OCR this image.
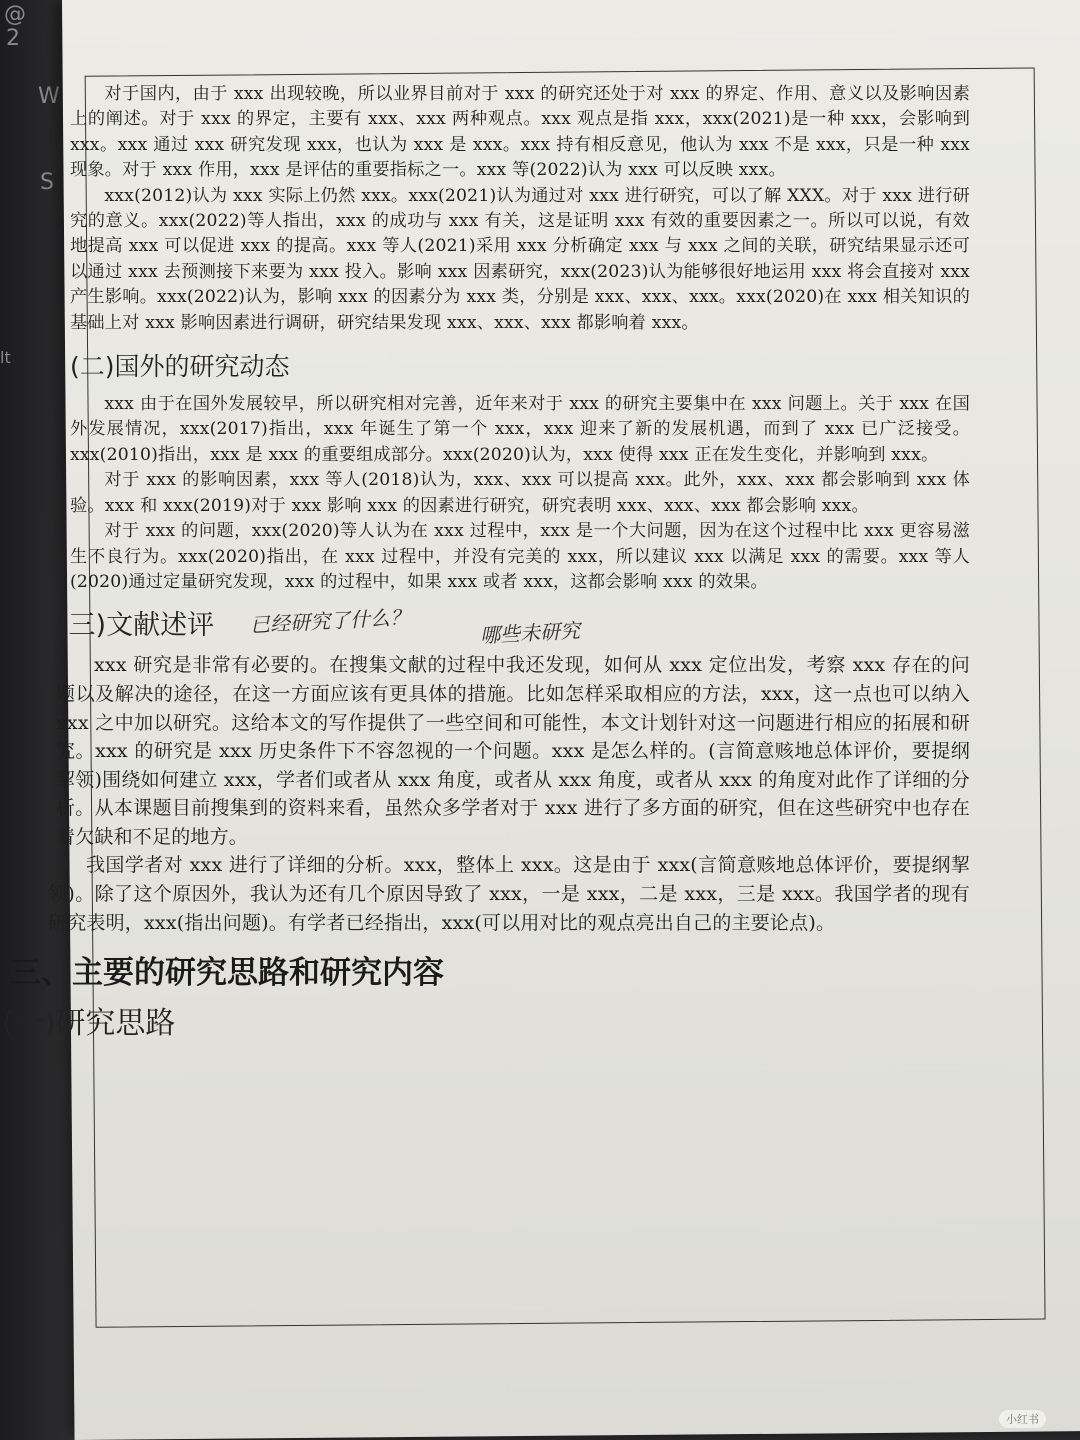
@
2
W
S
lt

对于国内，由于 xxx 出现较晚，所以业界目前对于 xxx 的研究还处于对 xxx 的界定、作用、意义以及影响因素上的阐述。对于 xxx 的界定，主要有 xxx、xxx 两种观点。xxx 观点是指 xxx，xxx(2021)是一种 xxx，会影响到 xxx。xxx 通过 xxx 研究发现 xxx，也认为 xxx 是 xxx。xxx 持有相反意见，他认为 xxx 不是 xxx，只是一种 xxx 现象。对于 xxx 作用，xxx 是评估的重要指标之一。xxx 等(2022)认为 xxx 可以反映 xxx。

xxx(2012)认为 xxx 实际上仍然 xxx。xxx(2021)认为通过对 xxx 进行研究，可以了解 XXX。对于 xxx 进行研究的意义。xxx(2022)等人指出，xxx 的成功与 xxx 有关，这是证明 xxx 有效的重要因素之一。所以可以说，有效地提高 xxx 可以促进 xxx 的提高。xxx 等人(2021)采用 xxx 分析确定 xxx 与 xxx 之间的关联，研究结果显示还可以通过 xxx 去预测接下来要为 xxx 投入。影响 xxx 因素研究，xxx(2023)认为能够很好地运用 xxx 将会直接对 xxx 产生影响。xxx(2022)认为，影响 xxx 的因素分为 xxx 类，分别是 xxx、xxx、xxx。xxx(2020)在 xxx 相关知识的基础上对 xxx 影响因素进行调研，研究结果发现 xxx、xxx、xxx 都影响着 xxx。

(二)国外的研究动态

xxx 由于在国外发展较早，所以研究相对完善，近年来对于 xxx 的研究主要集中在 xxx 问题上。关于 xxx 在国外发展情况，xxx(2017)指出，xxx 年诞生了第一个 xxx，xxx 迎来了新的发展机遇，而到了 xxx 已广泛接受。xxx(2010)指出，xxx 是 xxx 的重要组成部分。xxx(2020)认为，xxx 使得 xxx 正在发生变化，并影响到 xxx。

对于 xxx 的影响因素，xxx 等人(2018)认为，xxx、xxx 可以提高 xxx。此外，xxx、xxx 都会影响到 xxx 体验。xxx 和 xxx(2019)对于 xxx 影响 xxx 的因素进行研究，研究表明 xxx、xxx、xxx 都会影响 xxx。

对于 xxx 的问题，xxx(2020)等人认为在 xxx 过程中，xxx 是一个大问题，因为在这个过程中比 xxx 更容易滋生不良行为。xxx(2020)指出，在 xxx 过程中，并没有完美的 xxx，所以建议 xxx 以满足 xxx 的需要。xxx 等人(2020)通过定量研究发现，xxx 的过程中，如果 xxx 或者 xxx，这都会影响 xxx 的效果。

(三)文献述评	已经研究了什么？	哪些未研究

xxx 研究是非常有必要的。在搜集文献的过程中我还发现，如何从 xxx 定位出发，考察 xxx 存在的问题以及解决的途径，在这一方面应该有更具体的措施。比如怎样采取相应的方法，xxx，这一点也可以纳入 xxx 之中加以研究。这给本文的写作提供了一些空间和可能性，本文计划针对这一问题进行相应的拓展和研究。xxx 的研究是 xxx 历史条件下不容忽视的一个问题。xxx 是怎么样的。(言简意赅地总体评价，要提纲挈领)围绕如何建立 xxx，学者们或者从 xxx 角度，或者从 xxx 角度，或者从 xxx 的角度对此作了详细的分析。从本课题目前搜集到的资料来看，虽然众多学者对于 xxx 进行了多方面的研究，但在这些研究中也存在着欠缺和不足的地方。

我国学者对 xxx 进行了详细的分析。xxx，整体上 xxx。这是由于 xxx(言简意赅地总体评价，要提纲挈领)。除了这个原因外，我认为还有几个原因导致了 xxx，一是 xxx，二是 xxx，三是 xxx。我国学者的现有研究表明，xxx(指出问题)。有学者已经指出，xxx(可以用对比的观点亮出自己的主要论点)。

三、主要的研究思路和研究内容
(一)研究思路
小红书
